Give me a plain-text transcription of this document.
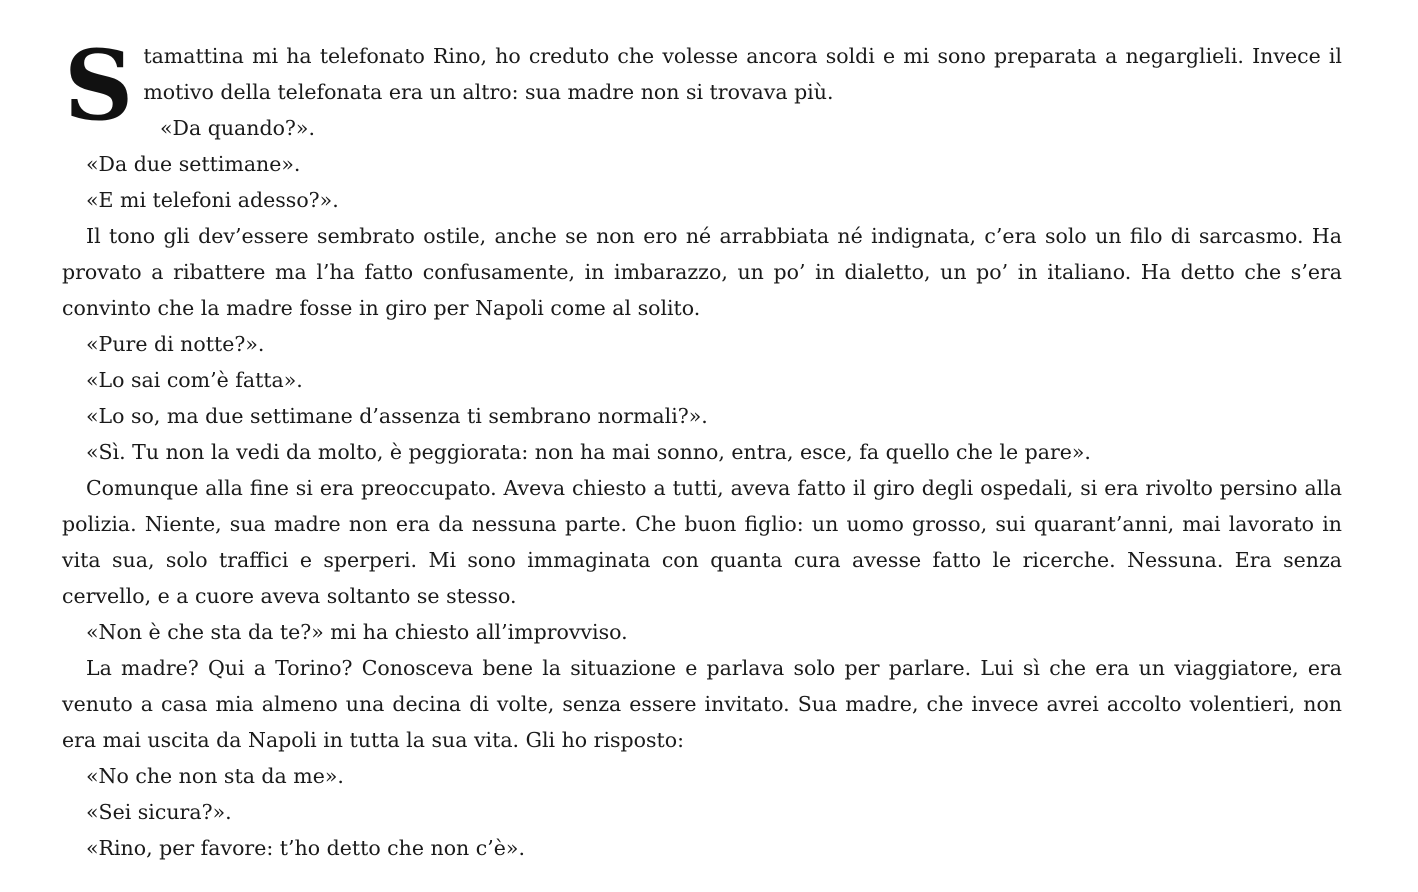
Stamattina mi ha telefonato Rino, ho creduto che volesse ancora soldi e mi sono preparata a negarglieli. Invece il motivo della telefonata era un altro: sua madre non si trovava più.

«Da quando?».

«Da due settimane».

«E mi telefoni adesso?».

Il tono gli dev’essere sembrato ostile, anche se non ero né arrabbiata né indignata, c’era solo un filo di sarcasmo. Ha provato a ribattere ma l’ha fatto confusamente, in imbarazzo, un po’ in dialetto, un po’ in italiano. Ha detto che s’era convinto che la madre fosse in giro per Napoli come al solito.

«Pure di notte?».

«Lo sai com’è fatta».

«Lo so, ma due settimane d’assenza ti sembrano normali?».

«Sì. Tu non la vedi da molto, è peggiorata: non ha mai sonno, entra, esce, fa quello che le pare».

Comunque alla fine si era preoccupato. Aveva chiesto a tutti, aveva fatto il giro degli ospedali, si era rivolto persino alla polizia. Niente, sua madre non era da nessuna parte. Che buon figlio: un uomo grosso, sui quarant’anni, mai lavorato in vita sua, solo traffici e sperperi. Mi sono immaginata con quanta cura avesse fatto le ricerche. Nessuna. Era senza cervello, e a cuore aveva soltanto se stesso.

«Non è che sta da te?» mi ha chiesto all’improvviso.

La madre? Qui a Torino? Conosceva bene la situazione e parlava solo per parlare. Lui sì che era un viaggiatore, era venuto a casa mia almeno una decina di volte, senza essere invitato. Sua madre, che invece avrei accolto volentieri, non era mai uscita da Napoli in tutta la sua vita. Gli ho risposto:

«No che non sta da me».

«Sei sicura?».

«Rino, per favore: t’ho detto che non c’è».
